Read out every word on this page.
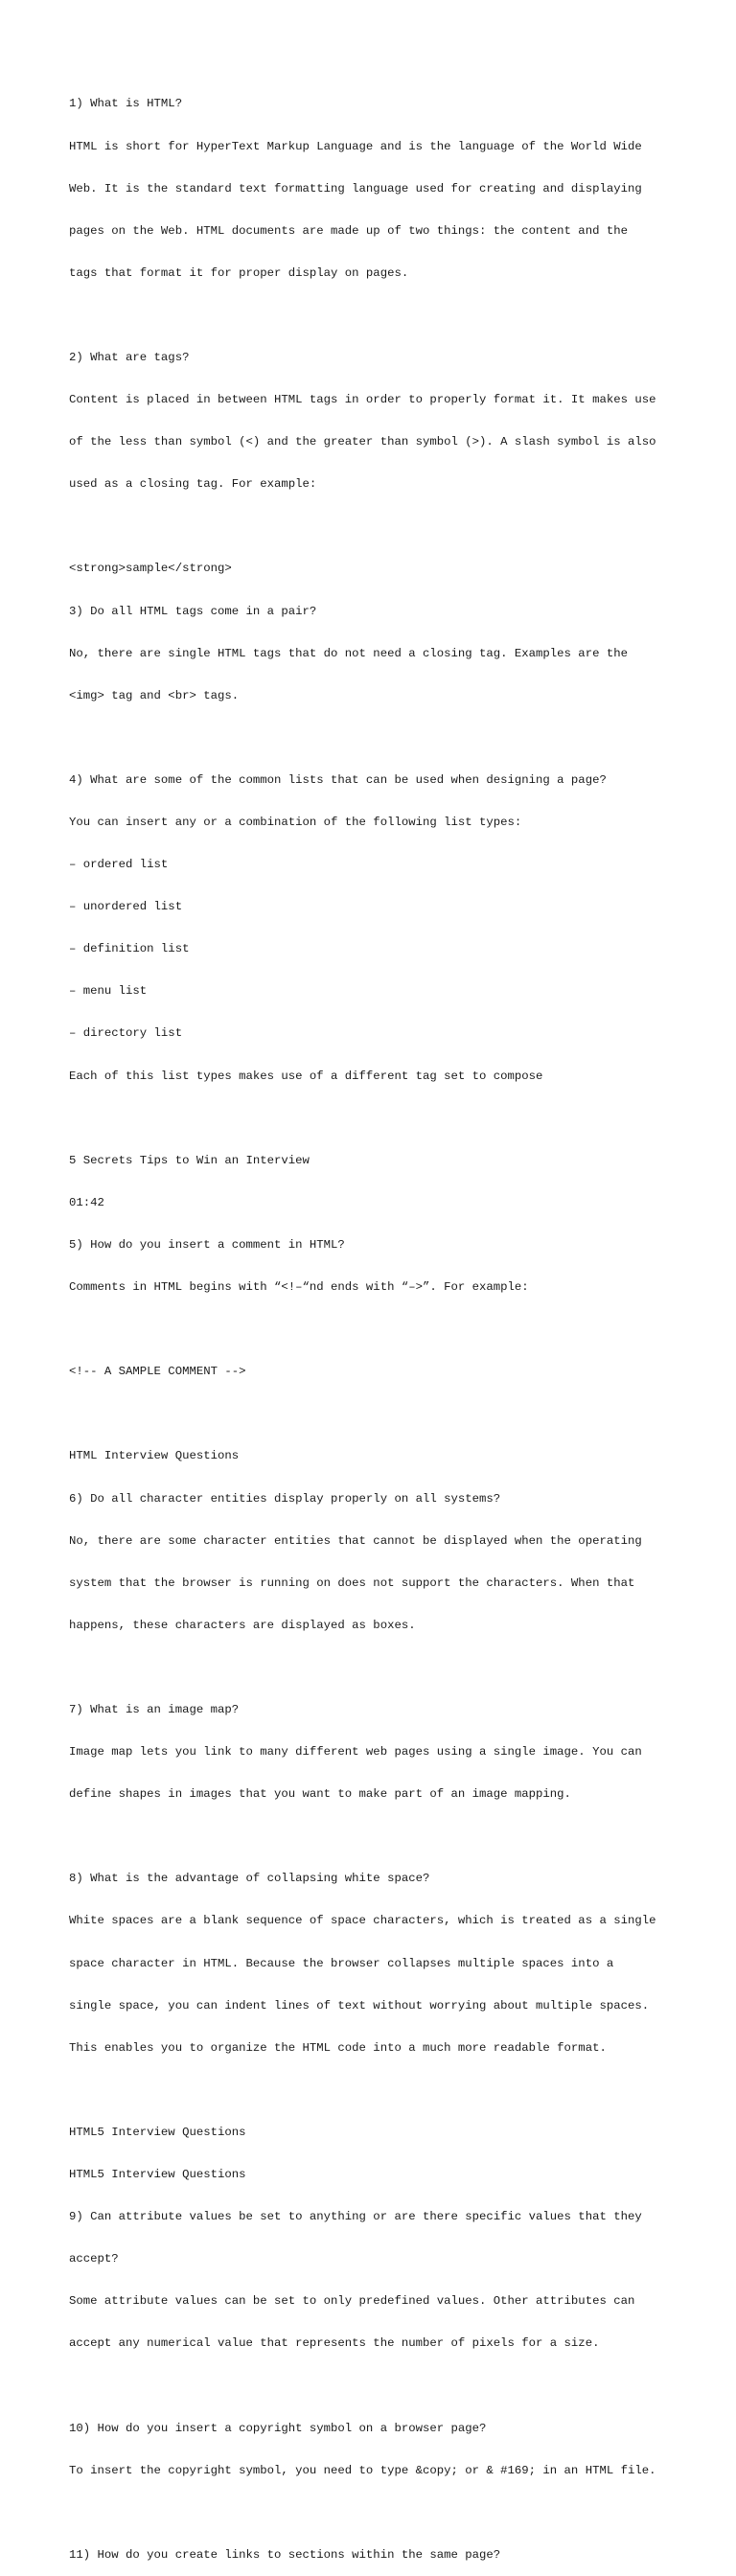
1) What is HTML?

HTML is short for HyperText Markup Language and is the language of the World Wide

Web. It is the standard text formatting language used for creating and displaying

pages on the Web. HTML documents are made up of two things: the content and the

tags that format it for proper display on pages.

2) What are tags?

Content is placed in between HTML tags in order to properly format it. It makes use

of the less than symbol (<) and the greater than symbol (>). A slash symbol is also

used as a closing tag. For example:

<strong>sample</strong>

3) Do all HTML tags come in a pair?

No, there are single HTML tags that do not need a closing tag. Examples are the

<img> tag and <br> tags.

4) What are some of the common lists that can be used when designing a page?

You can insert any or a combination of the following list types:

– ordered list

– unordered list

– definition list

– menu list

– directory list

Each of this list types makes use of a different tag set to compose

5 Secrets Tips to Win an Interview

01:42

5) How do you insert a comment in HTML?

Comments in HTML begins with “<!–“nd ends with “–>”. For example:

<!-- A SAMPLE COMMENT -->

HTML Interview Questions

6) Do all character entities display properly on all systems?

No, there are some character entities that cannot be displayed when the operating

system that the browser is running on does not support the characters. When that

happens, these characters are displayed as boxes.

7) What is an image map?

Image map lets you link to many different web pages using a single image. You can

define shapes in images that you want to make part of an image mapping.

8) What is the advantage of collapsing white space?

White spaces are a blank sequence of space characters, which is treated as a single

space character in HTML. Because the browser collapses multiple spaces into a

single space, you can indent lines of text without worrying about multiple spaces.

This enables you to organize the HTML code into a much more readable format.

HTML5 Interview Questions

HTML5 Interview Questions

9) Can attribute values be set to anything or are there specific values that they

accept?

Some attribute values can be set to only predefined values. Other attributes can

accept any numerical value that represents the number of pixels for a size.

10) How do you insert a copyright symbol on a browser page?

To insert the copyright symbol, you need to type &copy; or & #169; in an HTML file.

11) How do you create links to sections within the same page?
